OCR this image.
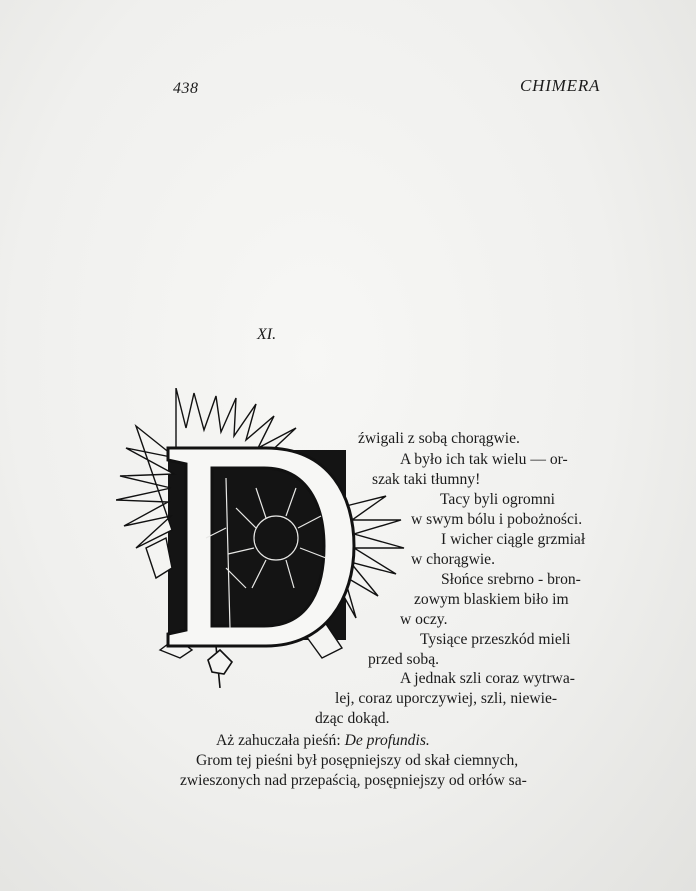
438	CHIMERA
XI.
źwigali z sobą chorągwie.
A było ich tak wielu — or-
szak taki tłumny!
Tacy byli ogromni
w swym bólu i pobożności.
I wicher ciągle grzmiał
w chorągwie.
Słońce srebrno - bron-
zowym blaskiem biło im
w oczy.
Tysiące przeszkód mieli
przed sobą.
A jednak szli coraz wytrwa-
lej, coraz uporczywiej, szli, niewie-
dząc dokąd.
Aż zahuczała pieśń: De profundis.
Grom tej pieśni był posępniejszy od skał ciemnych,
zwieszonych nad przepaścią, posępniejszy od orłów sa-
